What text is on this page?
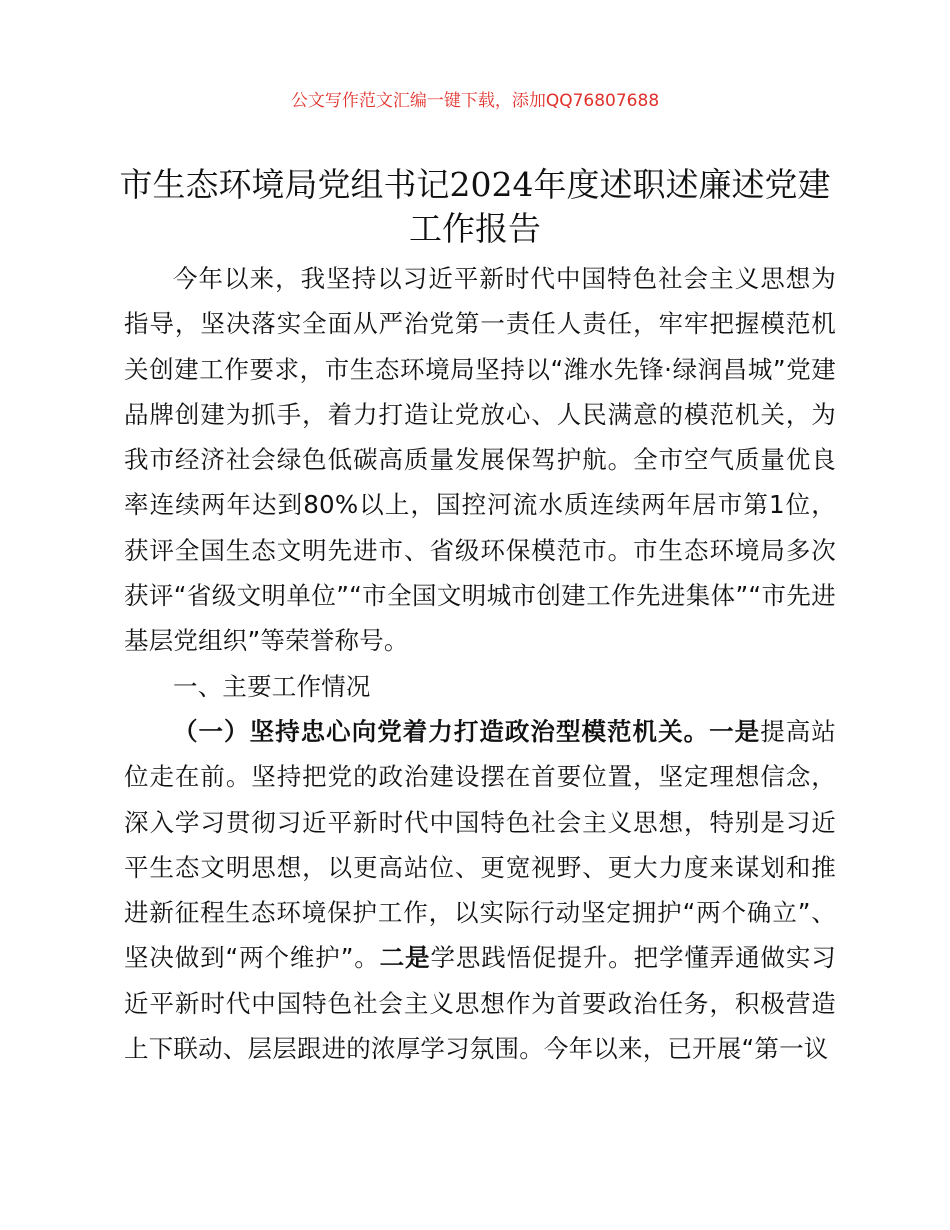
公文写作范文汇编一键下载，添加QQ76807688
市生态环境局党组书记2024年度述职述廉述党建工作报告

今年以来，我坚持以习近平新时代中国特色社会主义思想为指导，坚决落实全面从严治党第一责任人责任，牢牢把握模范机关创建工作要求，市生态环境局坚持以“潍水先锋·绿润昌城”党建品牌创建为抓手，着力打造让党放心、人民满意的模范机关，为我市经济社会绿色低碳高质量发展保驾护航。全市空气质量优良率连续两年达到80%以上，国控河流水质连续两年居市第1位，获评全国生态文明先进市、省级环保模范市。市生态环境局多次获评“省级文明单位”“市全国文明城市创建工作先进集体”“市先进基层党组织”等荣誉称号。

一、主要工作情况

（一）坚持忠心向党着力打造政治型模范机关。一是提高站位走在前。坚持把党的政治建设摆在首要位置，坚定理想信念，深入学习贯彻习近平新时代中国特色社会主义思想，特别是习近平生态文明思想，以更高站位、更宽视野、更大力度来谋划和推进新征程生态环境保护工作，以实际行动坚定拥护“两个确立”、坚决做到“两个维护”。二是学思践悟促提升。把学懂弄通做实习近平新时代中国特色社会主义思想作为首要政治任务，积极营造上下联动、层层跟进的浓厚学习氛围。今年以来，已开展“第一议
